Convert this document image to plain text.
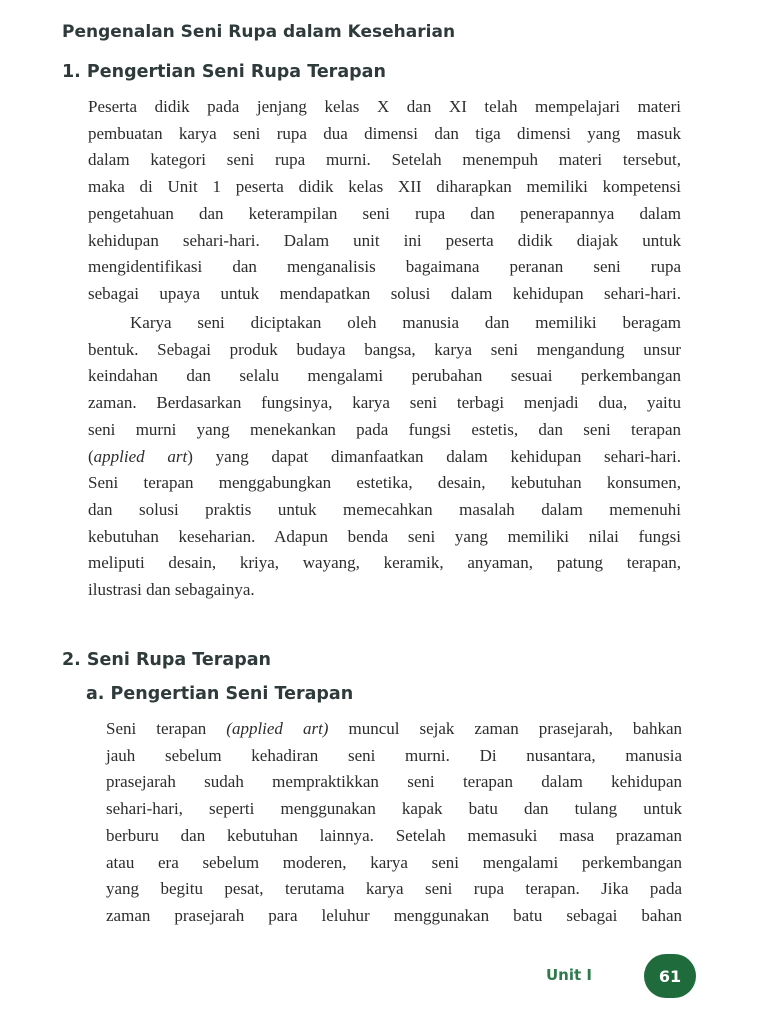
Pengenalan Seni Rupa dalam Keseharian
1. Pengertian Seni Rupa Terapan
Peserta didik pada jenjang kelas X dan XI telah mempelajari materi
pembuatan karya seni rupa dua dimensi dan tiga dimensi yang masuk
dalam kategori seni rupa murni. Setelah menempuh materi tersebut,
maka di Unit 1 peserta didik kelas XII diharapkan memiliki kompetensi
pengetahuan dan keterampilan seni rupa dan penerapannya dalam
kehidupan sehari-hari. Dalam unit ini peserta didik diajak untuk
mengidentifikasi dan menganalisis bagaimana peranan seni rupa
sebagai upaya untuk mendapatkan solusi dalam kehidupan sehari-hari.
Karya seni diciptakan oleh manusia dan memiliki beragam
bentuk. Sebagai produk budaya bangsa, karya seni mengandung unsur
keindahan dan selalu mengalami perubahan sesuai perkembangan
zaman. Berdasarkan fungsinya, karya seni terbagi menjadi dua, yaitu
seni murni yang menekankan pada fungsi estetis, dan seni terapan
(applied art) yang dapat dimanfaatkan dalam kehidupan sehari-hari.
Seni terapan menggabungkan estetika, desain, kebutuhan konsumen,
dan solusi praktis untuk memecahkan masalah dalam memenuhi
kebutuhan keseharian. Adapun benda seni yang memiliki nilai fungsi
meliputi desain, kriya, wayang, keramik, anyaman, patung terapan,
ilustrasi dan sebagainya.
2. Seni Rupa Terapan
a. Pengertian Seni Terapan
Seni terapan (applied art) muncul sejak zaman prasejarah, bahkan
jauh sebelum kehadiran seni murni. Di nusantara, manusia
prasejarah sudah mempraktikkan seni terapan dalam kehidupan
sehari-hari, seperti menggunakan kapak batu dan tulang untuk
berburu dan kebutuhan lainnya. Setelah memasuki masa prazaman
atau era sebelum moderen, karya seni mengalami perkembangan
yang begitu pesat, terutama karya seni rupa terapan. Jika pada
zaman prasejarah para leluhur menggunakan batu sebagai bahan
Unit I	61
